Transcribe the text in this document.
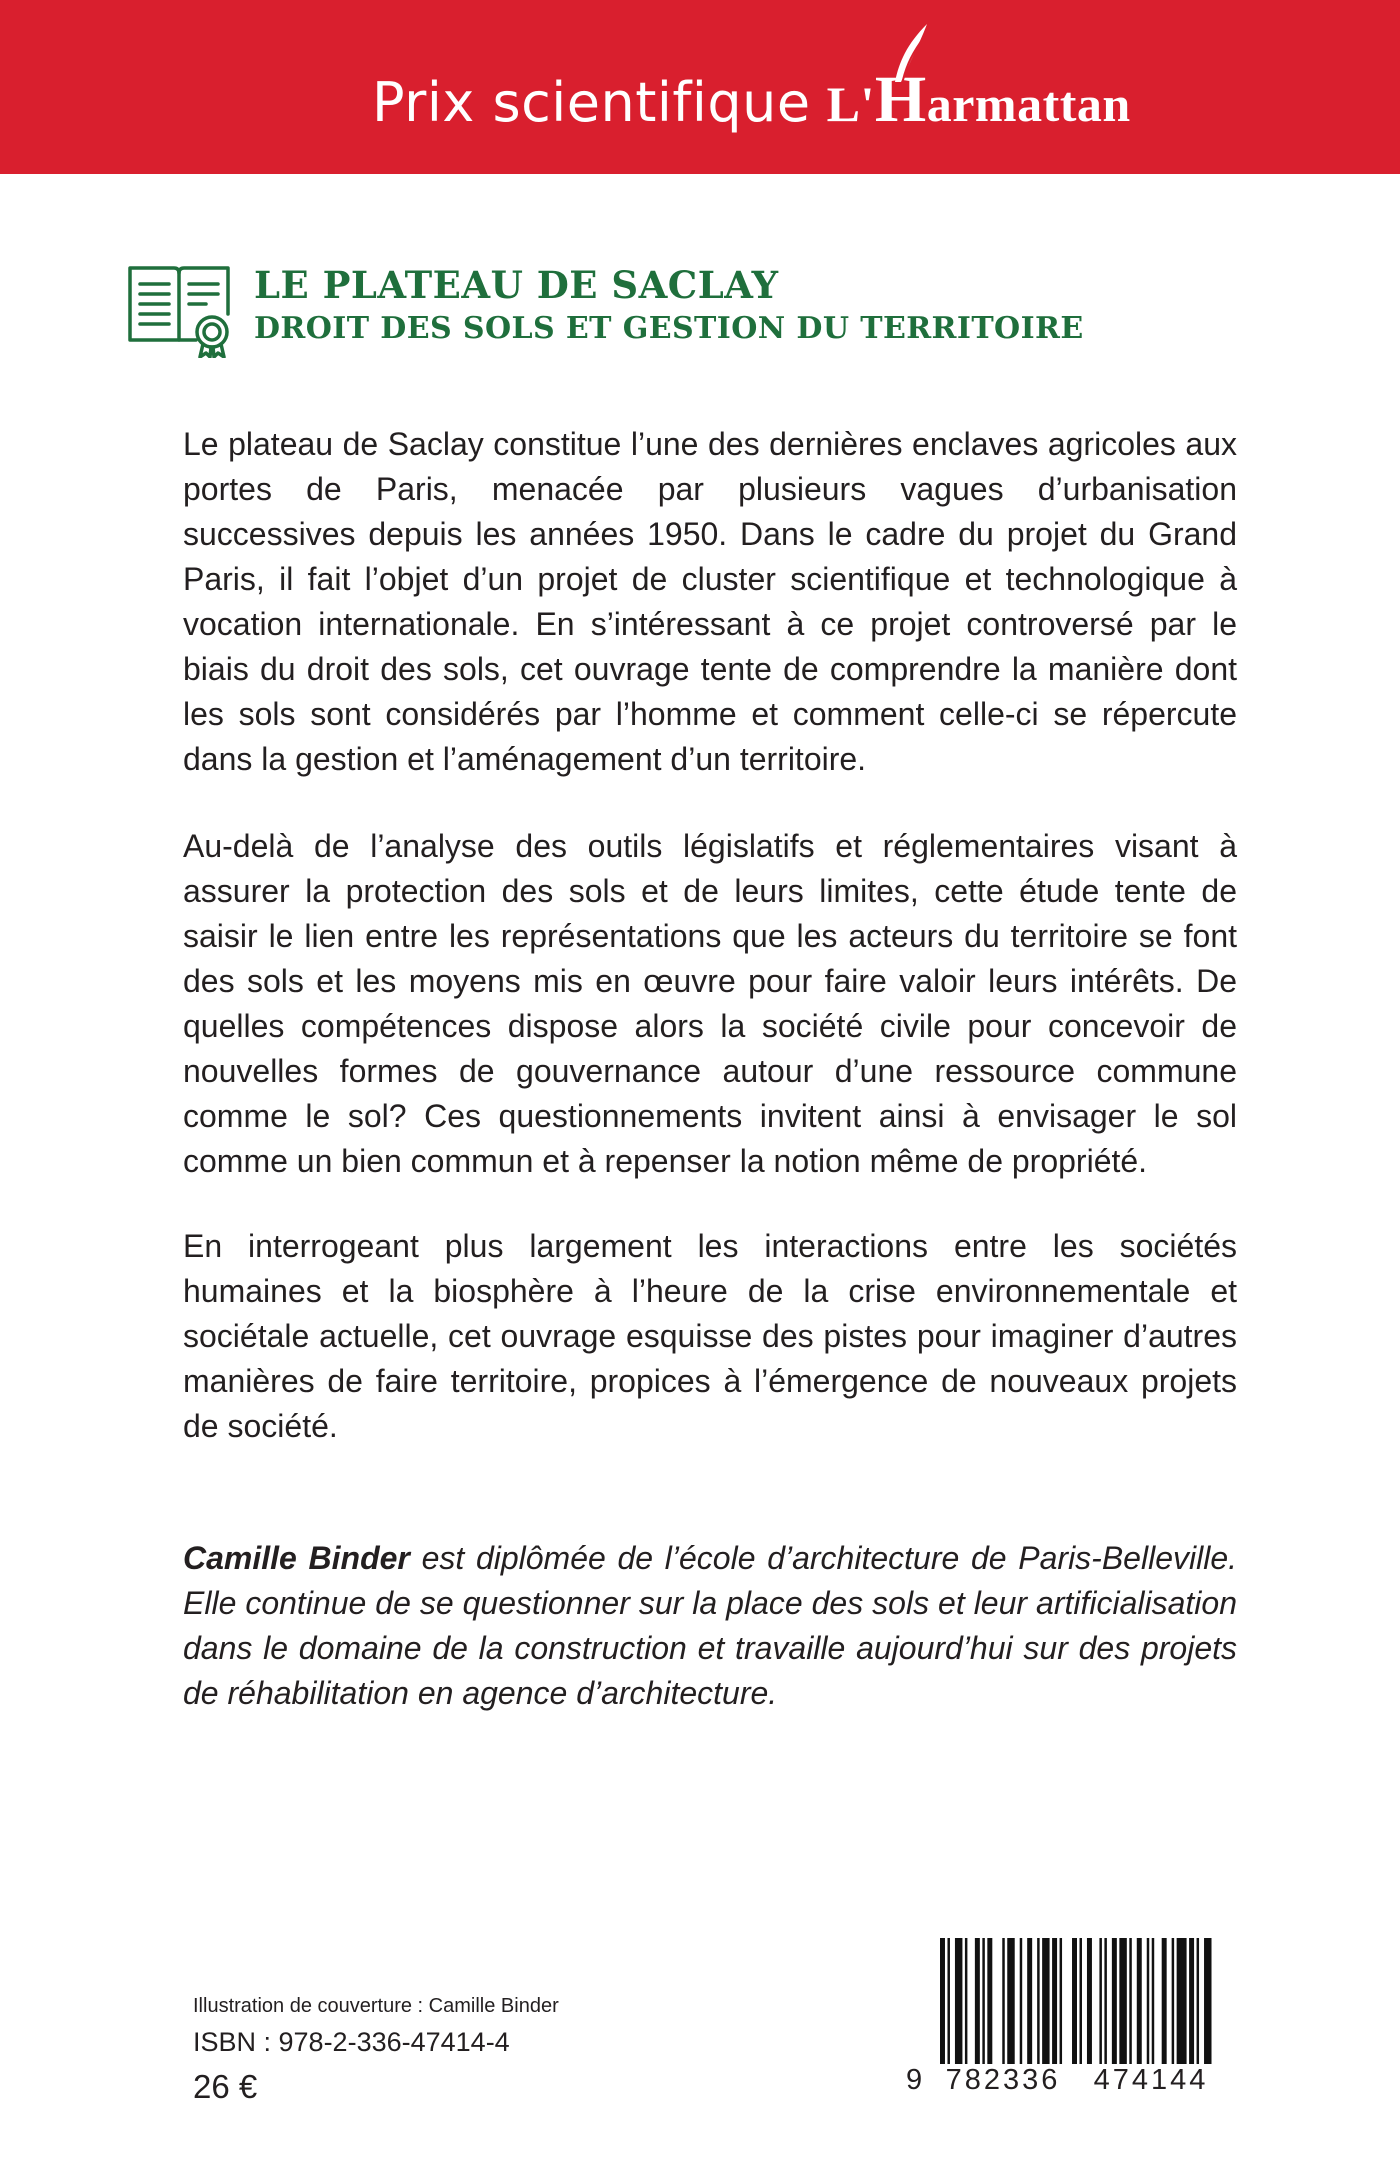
Prix scientifique L'Harmattan
LE PLATEAU DE SACLAY
DROIT DES SOLS ET GESTION DU TERRITOIRE

Le plateau de Saclay constitue l’une des dernières enclaves agricoles aux portes de Paris, menacée par plusieurs vagues d’urbanisation successives depuis les années 1950. Dans le cadre du projet du Grand Paris, il fait l’objet d’un projet de cluster scientifique et technologique à vocation internationale. En s’intéressant à ce projet controversé par le biais du droit des sols, cet ouvrage tente de comprendre la manière dont les sols sont considérés par l’homme et comment celle-ci se répercute dans la gestion et l’aménagement d’un territoire.

Au-delà de l’analyse des outils législatifs et réglementaires visant à assurer la protection des sols et de leurs limites, cette étude tente de saisir le lien entre les représentations que les acteurs du territoire se font des sols et les moyens mis en œuvre pour faire valoir leurs intérêts. De quelles compétences dispose alors la société civile pour concevoir de nouvelles formes de gouvernance autour d’une ressource commune comme le sol? Ces questionnements invitent ainsi à envisager le sol comme un bien commun et à repenser la notion même de propriété.

En interrogeant plus largement les interactions entre les sociétés humaines et la biosphère à l’heure de la crise environnementale et sociétale actuelle, cet ouvrage esquisse des pistes pour imaginer d’autres manières de faire territoire, propices à l’émergence de nouveaux projets de société.

Camille Binder est diplômée de l’école d’architecture de Paris-Belleville. Elle continue de se questionner sur la place des sols et leur artificialisation dans le domaine de la construction et travaille aujourd’hui sur des projets de réhabilitation en agence d’architecture.

Illustration de couverture : Camille Binder
ISBN : 978-2-336-47414-4
26 €	9 782336 474144
